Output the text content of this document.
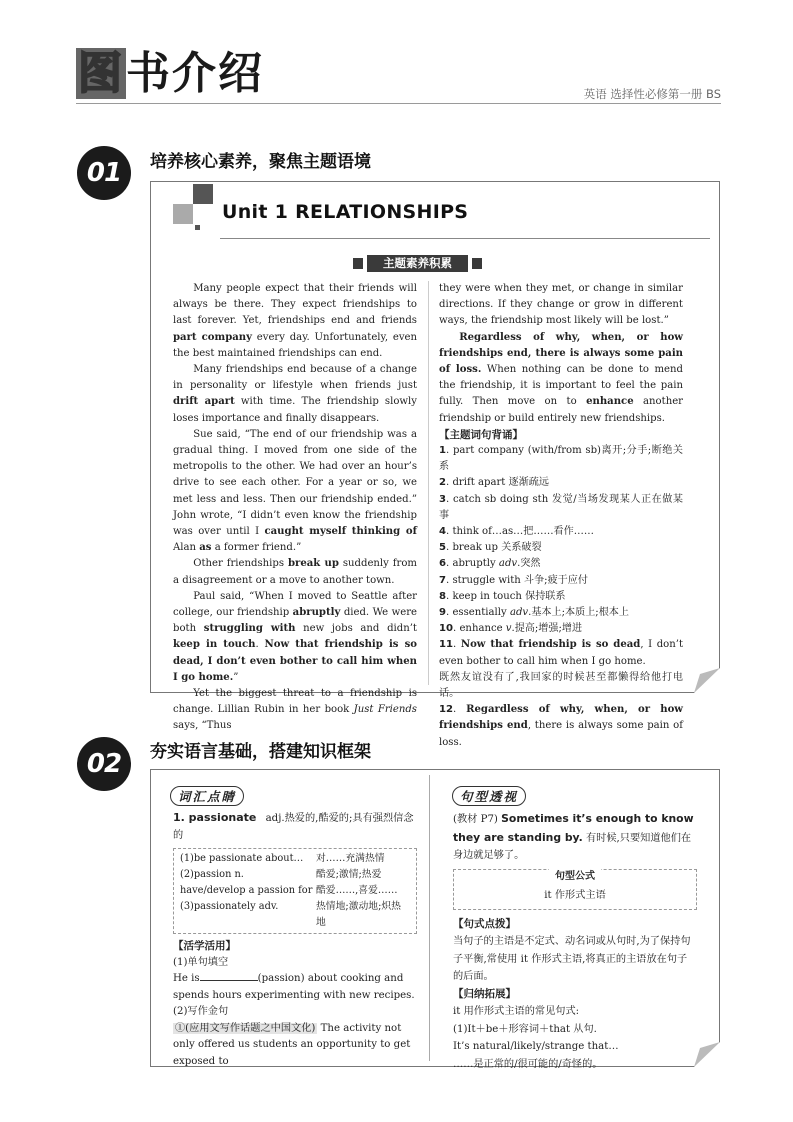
图书介绍	英语 选择性必修第一册 BS
01	培养核心素养，聚焦主题语境
Unit 1 RELATIONSHIPS
主题素养积累

Many people expect that their friends will always be there. They expect friendships to last forever. Yet, friendships end and friends part company every day. Unfortunately, even the best maintained friendships can end.

Many friendships end because of a change in personality or lifestyle when friends just drift apart with time. The friendship slowly loses importance and finally disappears.

Sue said, “The end of our friendship was a gradual thing. I moved from one side of the metropolis to the other. We had over an hour’s drive to see each other. For a year or so, we met less and less. Then our friendship ended.” John wrote, “I didn’t even know the friendship was over until I caught myself thinking of Alan as a former friend.”

Other friendships break up suddenly from a disagreement or a move to another town.

Paul said, “When I moved to Seattle after college, our friendship abruptly died. We were both struggling with new jobs and didn’t keep in touch. Now that friendship is so dead, I don’t even bother to call him when I go home.”

Yet the biggest threat to a friendship is change. Lillian Rubin in her book Just Friends says, “Thus

they were when they met, or change in similar directions. If they change or grow in different ways, the friendship most likely will be lost.”

Regardless of why, when, or how friendships end, there is always some pain of loss. When nothing can be done to mend the friendship, it is important to feel the pain fully. Then move on to enhance another friendship or build entirely new friendships.

【主题词句背诵】

1. part company (with/from sb)离开;分手;断绝关系

2. drift apart 逐渐疏远

3. catch sb doing sth 发觉/当场发现某人正在做某事

4. think of…as…把……看作……

5. break up 关系破裂

6. abruptly adv.突然

7. struggle with 斗争;疲于应付

8. keep in touch 保持联系

9. essentially adv.基本上;本质上;根本上

10. enhance v.提高;增强;增进

11. Now that friendship is so dead, I don’t even bother to call him when I go home.

既然友谊没有了,我回家的时候甚至都懒得给他打电话。

12. Regardless of why, when, or how friendships end, there is always some pain of loss.

02	夯实语言基础，搭建知识框架
词汇点睛	句型透视
1. passionate adj.热爱的,酷爱的;具有强烈信念的
(1)be passionate about…	对……充满热情
(2)passion n.	酷爱;激情;热爱
have/develop a passion for 酷爱……,喜爱……
(3)passionately adv.	热情地;激动地;炽热地
【活学活用】
(1)单句填空
He is	(passion) about cooking and spends hours experimenting with new recipes.
(2)写作金句
①(应用文写作话题之中国文化) The activity not only offered us students an opportunity to get exposed to
(教材 P7) Sometimes it’s enough to know they are standing by. 有时候,只要知道他们在身边就足够了。
句型公式
it 作形式主语
【句式点拨】
当句子的主语是不定式、动名词或从句时,为了保持句子平衡,常使用 it 作形式主语,将真正的主语放在句子的后面。
【归纳拓展】
it 用作形式主语的常见句式:
(1)It＋be＋形容词＋that 从句.
It’s natural/likely/strange that…
……是正常的/很可能的/奇怪的。
